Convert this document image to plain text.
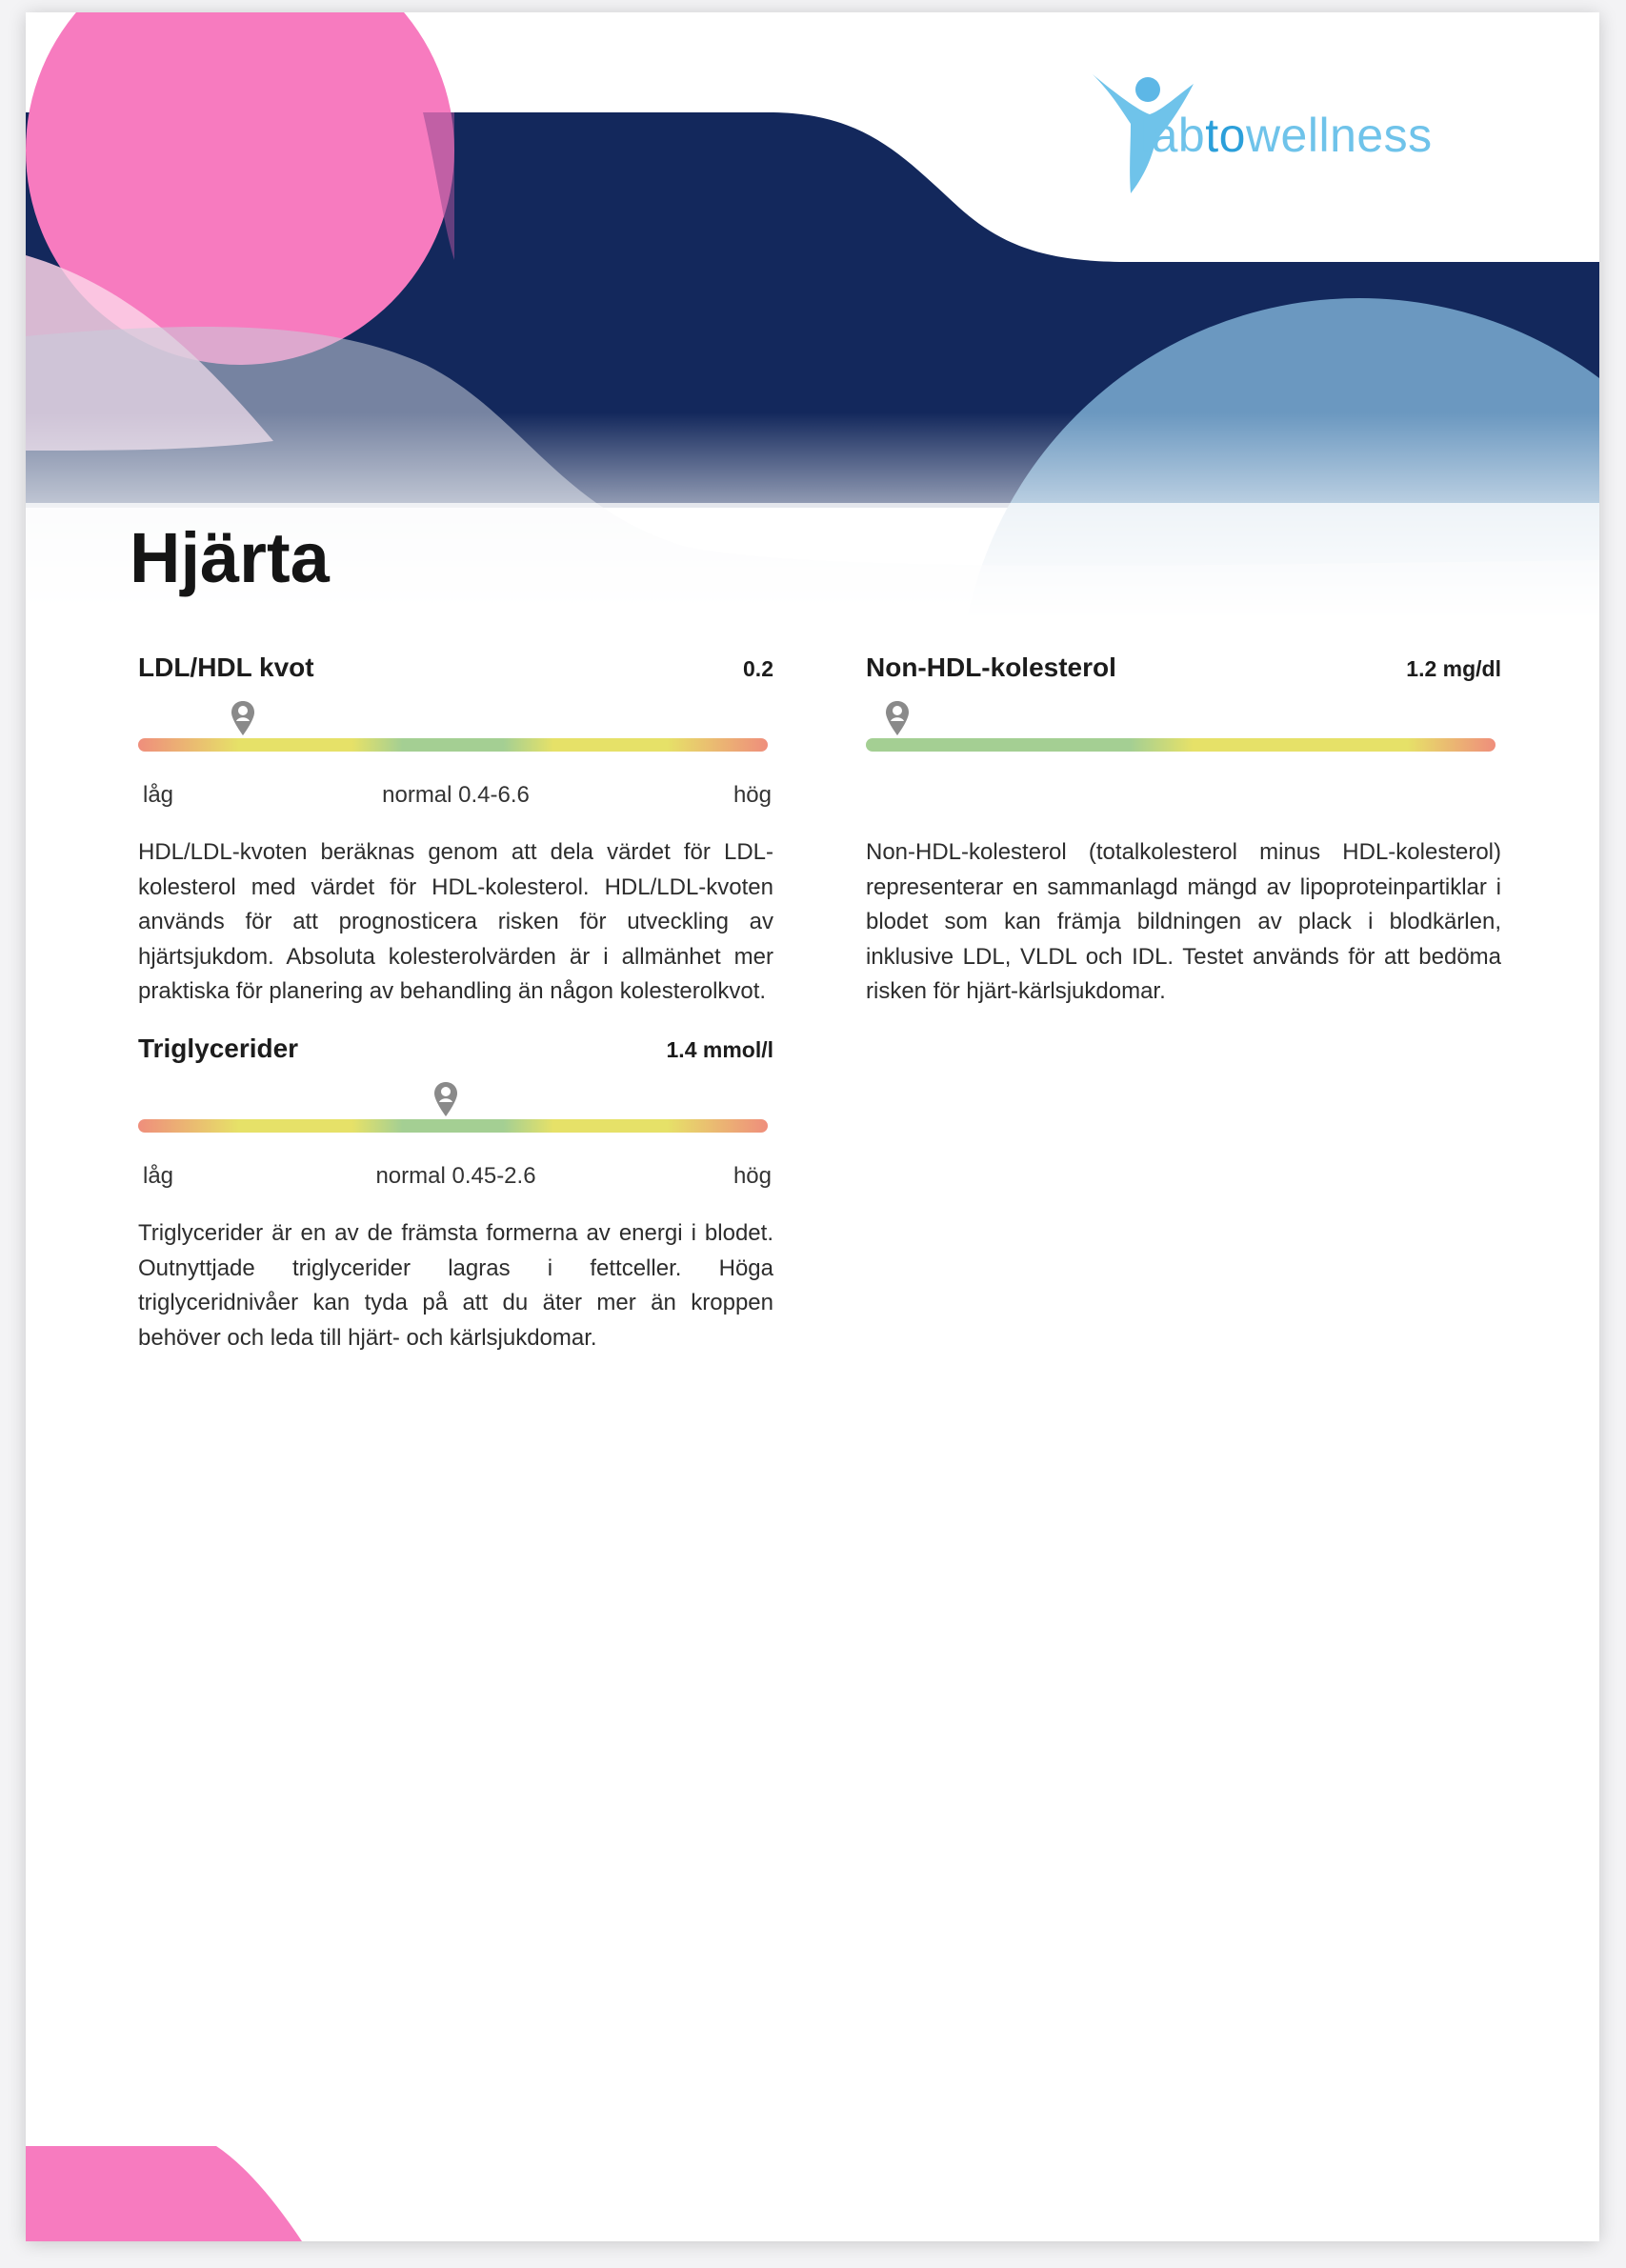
labtowellness
Hjärta
LDL/HDL kvot	0.2
låg	normal 0.4-6.6	hög

HDL/LDL-kvoten beräknas genom att dela värdet för LDL-kolesterol med värdet för HDL-kolesterol. HDL/LDL-kvoten används för att prognosticera risken för utveckling av hjärtsjukdom. Absoluta kolesterolvärden är i allmänhet mer praktiska för planering av behandling än någon kolesterolkvot.

Non-HDL-kolesterol	1.2 mg/dl

Non-HDL-kolesterol (totalkolesterol minus HDL-kolesterol) representerar en sammanlagd mängd av lipoproteinpartiklar i blodet som kan främja bildningen av plack i blodkärlen, inklusive LDL, VLDL och IDL. Testet används för att bedöma risken för hjärt-kärlsjukdomar.

Triglycerider	1.4 mmol/l
låg	normal 0.45-2.6	hög

Triglycerider är en av de främsta formerna av energi i blodet. Outnyttjade triglycerider lagras i fettceller. Höga triglyceridnivåer kan tyda på att du äter mer än kroppen behöver och leda till hjärt- och kärlsjukdomar.
